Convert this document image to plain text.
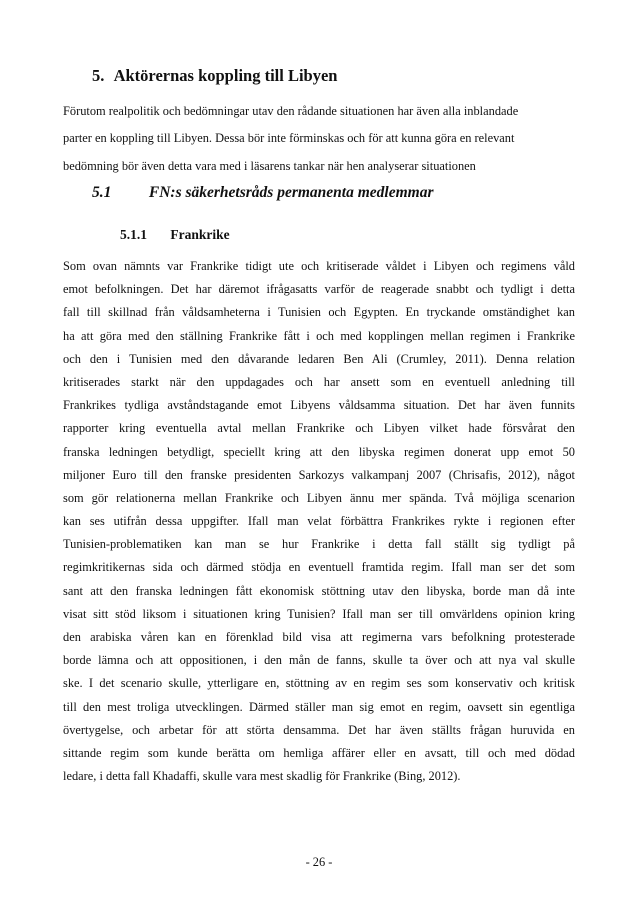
5. Aktörernas koppling till Libyen
Förutom realpolitik och bedömningar utav den rådande situationen har även alla inblandade
parter en koppling till Libyen. Dessa bör inte förminskas och för att kunna göra en relevant
bedömning bör även detta vara med i läsarens tankar när hen analyserar situationen
5.1 FN:s säkerhetsråds permanenta medlemmar
5.1.1 Frankrike
Som ovan nämnts var Frankrike tidigt ute och kritiserade våldet i Libyen och regimens våld
emot befolkningen. Det har däremot ifrågasatts varför de reagerade snabbt och tydligt i detta
fall till skillnad från våldsamheterna i Tunisien och Egypten. En tryckande omständighet kan
ha att göra med den ställning Frankrike fått i och med kopplingen mellan regimen i Frankrike
och den i Tunisien med den dåvarande ledaren Ben Ali (Crumley, 2011). Denna relation
kritiserades starkt när den uppdagades och har ansett som en eventuell anledning till
Frankrikes tydliga avståndstagande emot Libyens våldsamma situation. Det har även funnits
rapporter kring eventuella avtal mellan Frankrike och Libyen vilket hade försvårat den
franska ledningen betydligt, speciellt kring att den libyska regimen donerat upp emot 50
miljoner Euro till den franske presidenten Sarkozys valkampanj 2007 (Chrisafis, 2012), något
som gör relationerna mellan Frankrike och Libyen ännu mer spända. Två möjliga scenarion
kan ses utifrån dessa uppgifter. Ifall man velat förbättra Frankrikes rykte i regionen efter
Tunisien-problematiken kan man se hur Frankrike i detta fall ställt sig tydligt på
regimkritikernas sida och därmed stödja en eventuell framtida regim. Ifall man ser det som
sant att den franska ledningen fått ekonomisk stöttning utav den libyska, borde man då inte
visat sitt stöd liksom i situationen kring Tunisien? Ifall man ser till omvärldens opinion kring
den arabiska våren kan en förenklad bild visa att regimerna vars befolkning protesterade
borde lämna och att oppositionen, i den mån de fanns, skulle ta över och att nya val skulle
ske. I det scenario skulle, ytterligare en, stöttning av en regim ses som konservativ och kritisk
till den mest troliga utvecklingen. Därmed ställer man sig emot en regim, oavsett sin egentliga
övertygelse, och arbetar för att störta densamma. Det har även ställts frågan huruvida en
sittande regim som kunde berätta om hemliga affärer eller en avsatt, till och med dödad
ledare, i detta fall Khadaffi, skulle vara mest skadlig för Frankrike (Bing, 2012).
- 26 -
